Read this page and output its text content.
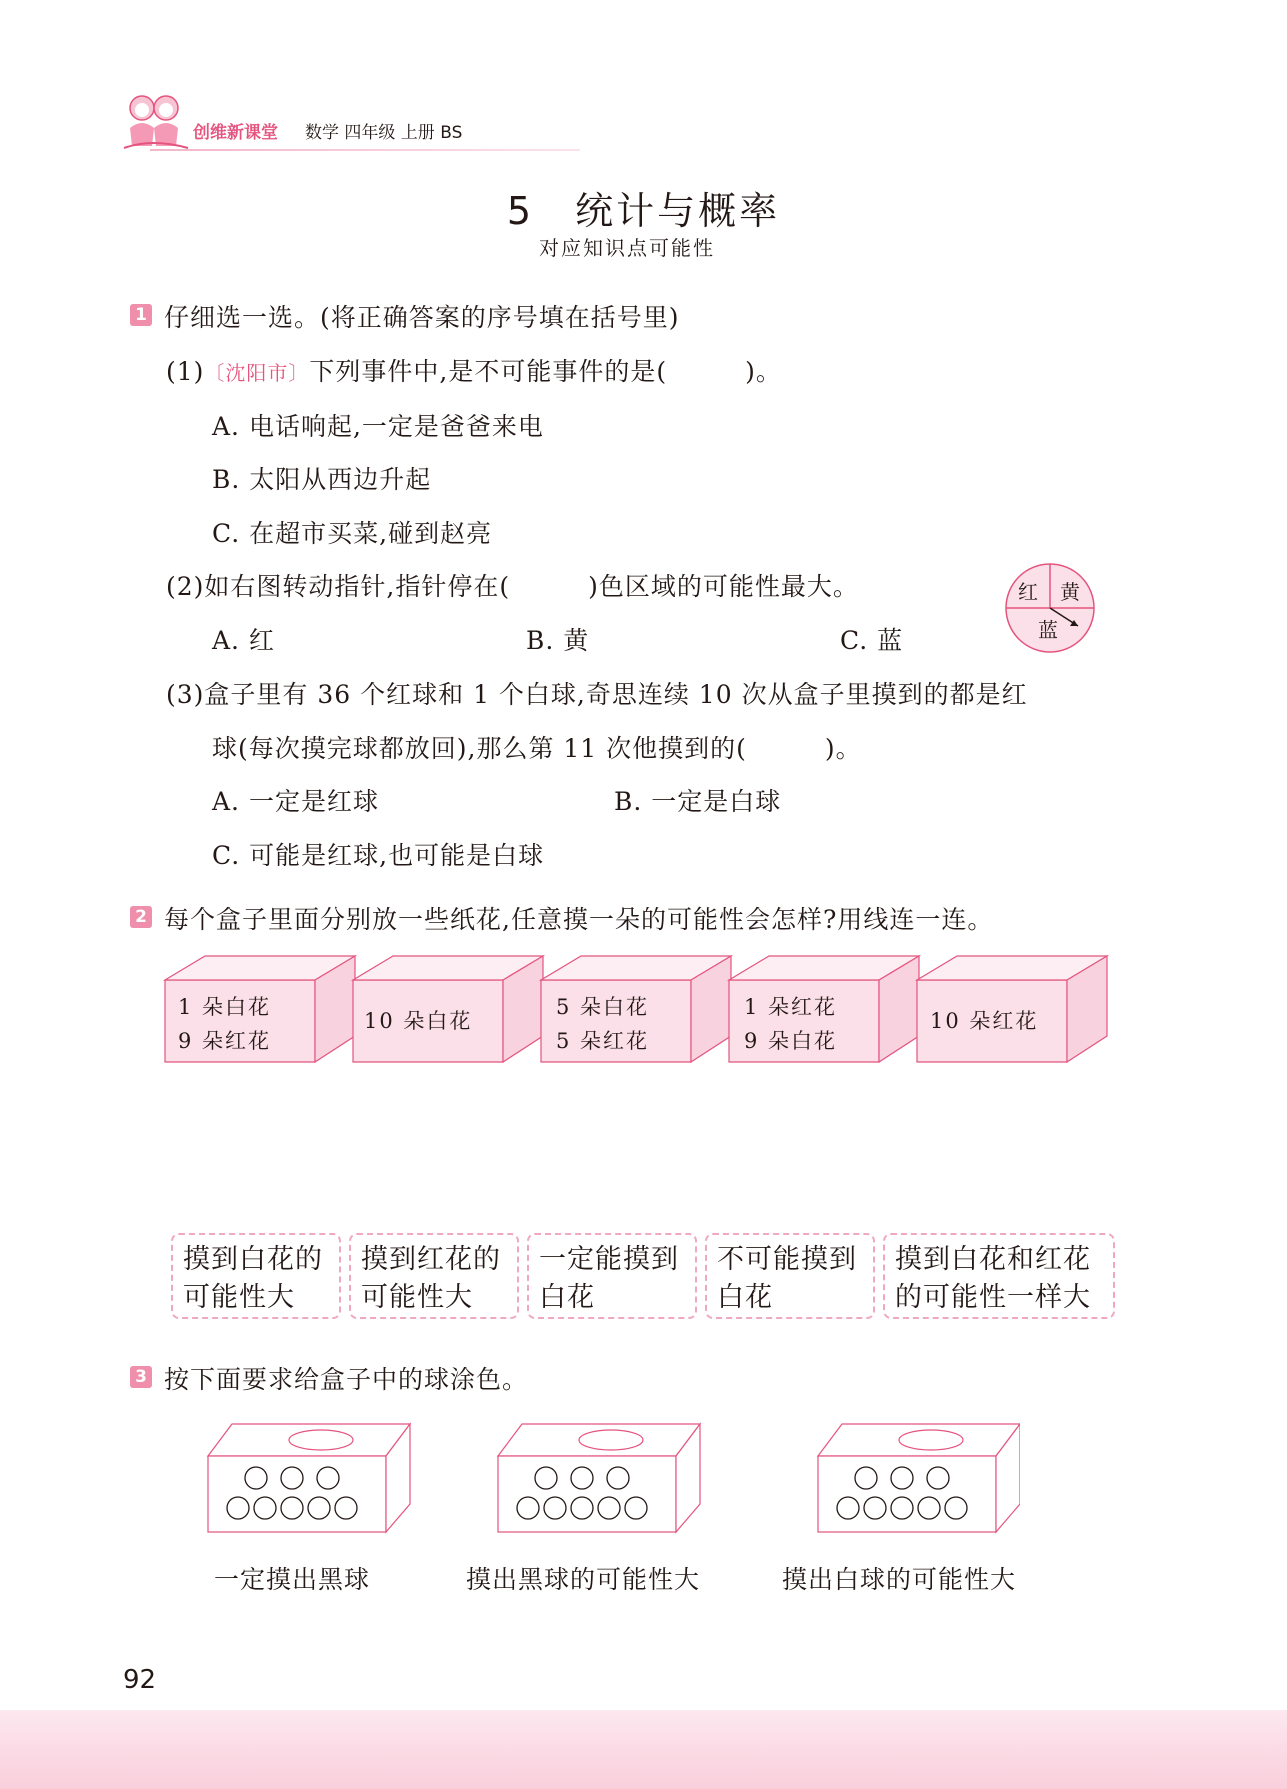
创维新课堂 数学 四年级 上册 BS
5　统计与概率
对应知识点可能性
1 仔细选一选。(将正确答案的序号填在括号里)
(1)〔沈阳市〕下列事件中,是不可能事件的是(　　　)。
A. 电话响起,一定是爸爸来电
B. 太阳从西边升起
C. 在超市买菜,碰到赵亮
(2)如右图转动指针,指针停在(　　　)色区域的可能性最大。
A. 红	B. 黄	C. 蓝
红 黄
蓝
(3)盒子里有 36 个红球和 1 个白球,奇思连续 10 次从盒子里摸到的都是红
球(每次摸完球都放回),那么第 11 次他摸到的(　　　)。
A. 一定是红球	B. 一定是白球
C. 可能是红球,也可能是白球
2 每个盒子里面分别放一些纸花,任意摸一朵的可能性会怎样?用线连一连。
1 朵白花
9 朵红花
10 朵白花
5 朵白花
5 朵红花
1 朵红花
9 朵白花
10 朵红花
摸到白花的
可能性大
摸到红花的
可能性大
一定能摸到
白花
不可能摸到
白花
摸到白花和红花
的可能性一样大
3 按下面要求给盒子中的球涂色。
一定摸出黑球	摸出黑球的可能性大	摸出白球的可能性大
92
